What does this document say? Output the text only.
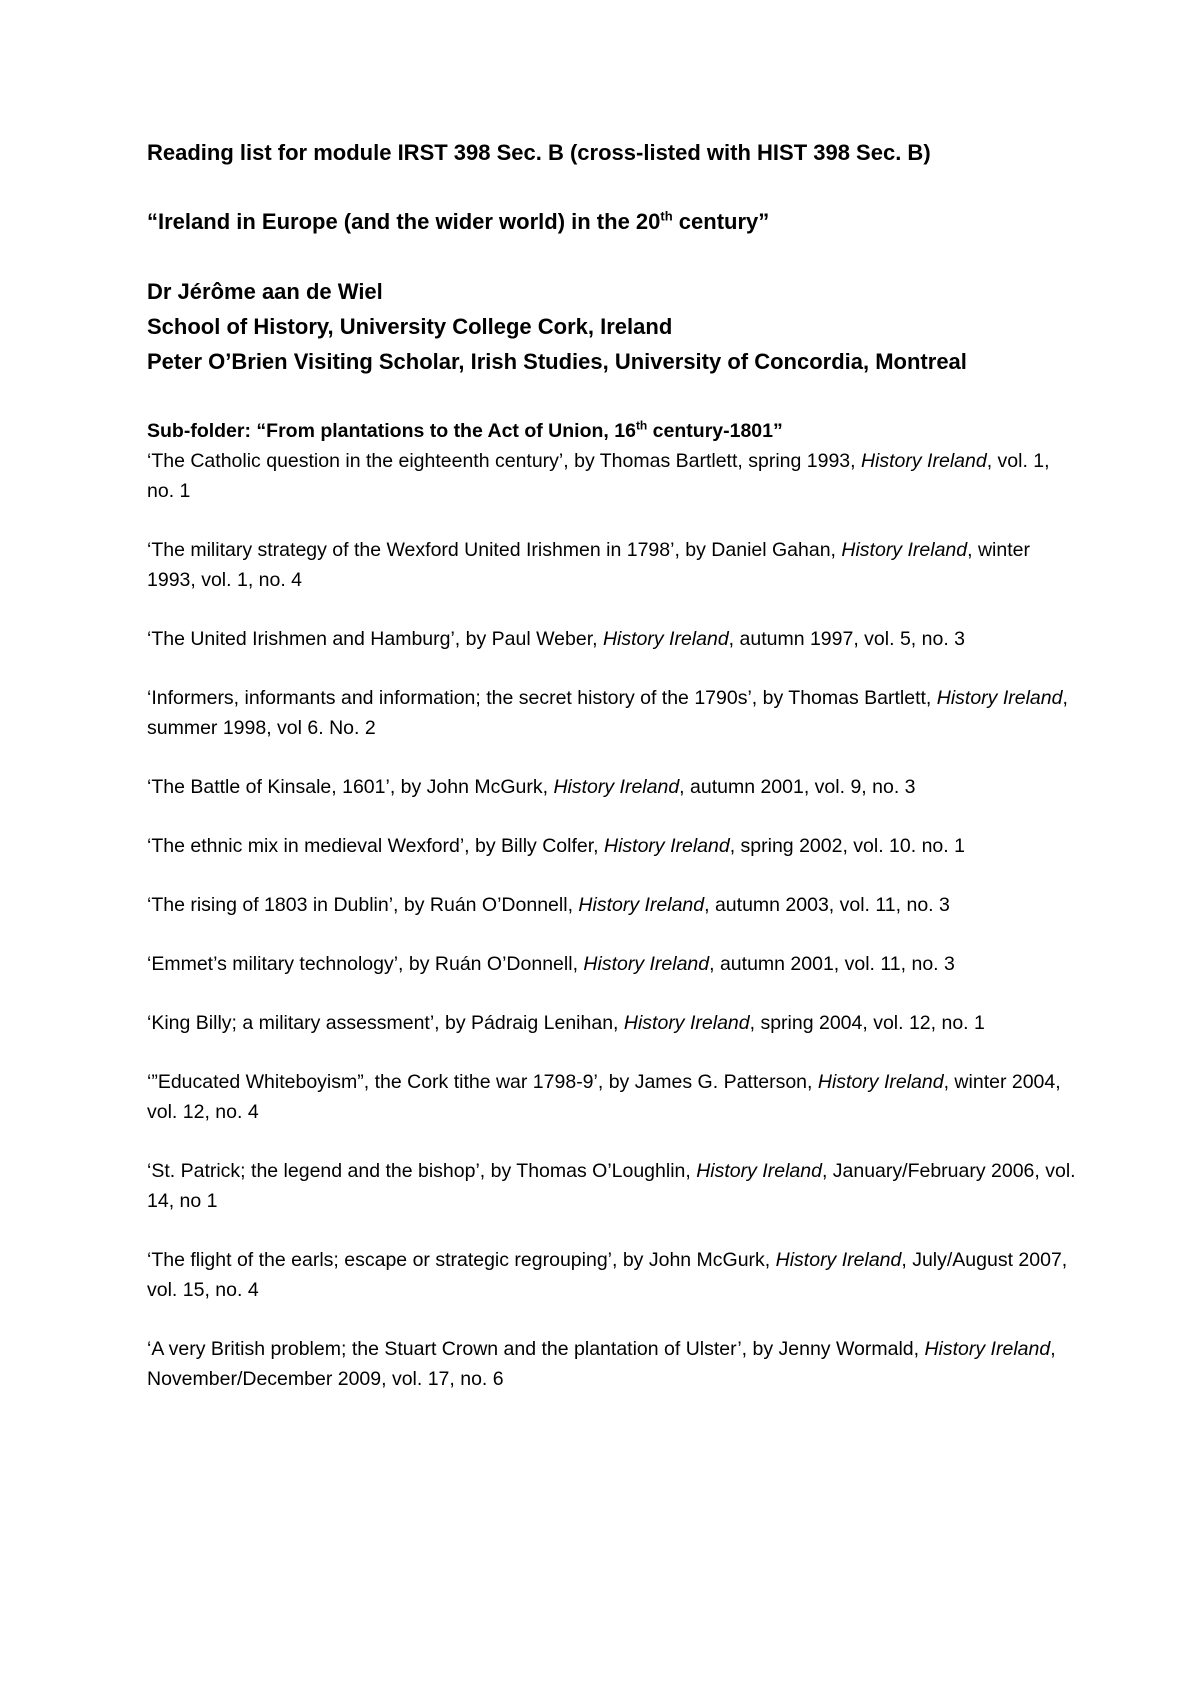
Reading list for module IRST 398 Sec. B (cross-listed with HIST 398 Sec. B)

“Ireland in Europe (and the wider world) in the 20th century”

Dr Jérôme aan de Wiel

School of History, University College Cork, Ireland

Peter O’Brien Visiting Scholar, Irish Studies, University of Concordia, Montreal

Sub-folder: “From plantations to the Act of Union, 16th century-1801”

‘The Catholic question in the eighteenth century’, by Thomas Bartlett, spring 1993, History Ireland, vol. 1, no. 1

‘The military strategy of the Wexford United Irishmen in 1798’, by Daniel Gahan, History Ireland, winter 1993, vol. 1, no. 4

‘The United Irishmen and Hamburg’, by Paul Weber, History Ireland, autumn 1997, vol. 5, no. 3

‘Informers, informants and information; the secret history of the 1790s’, by Thomas Bartlett, History Ireland, summer 1998, vol 6. No. 2

‘The Battle of Kinsale, 1601’, by John McGurk, History Ireland, autumn 2001, vol. 9, no. 3

‘The ethnic mix in medieval Wexford’, by Billy Colfer, History Ireland, spring 2002, vol. 10. no. 1

‘The rising of 1803 in Dublin’, by Ruán O’Donnell, History Ireland, autumn 2003, vol. 11, no. 3

‘Emmet’s military technology’, by Ruán O’Donnell, History Ireland, autumn 2001, vol. 11, no. 3

‘King Billy; a military assessment’, by Pádraig Lenihan, History Ireland, spring 2004, vol. 12, no. 1

‘”Educated Whiteboyism”, the Cork tithe war 1798-9’, by James G. Patterson, History Ireland, winter 2004, vol. 12, no. 4

‘St. Patrick; the legend and the bishop’, by Thomas O’Loughlin, History Ireland, January/February 2006, vol. 14, no 1

‘The flight of the earls; escape or strategic regrouping’, by John McGurk, History Ireland, July/August 2007, vol. 15, no. 4

‘A very British problem; the Stuart Crown and the plantation of Ulster’, by Jenny Wormald, History Ireland, November/December 2009, vol. 17, no. 6
